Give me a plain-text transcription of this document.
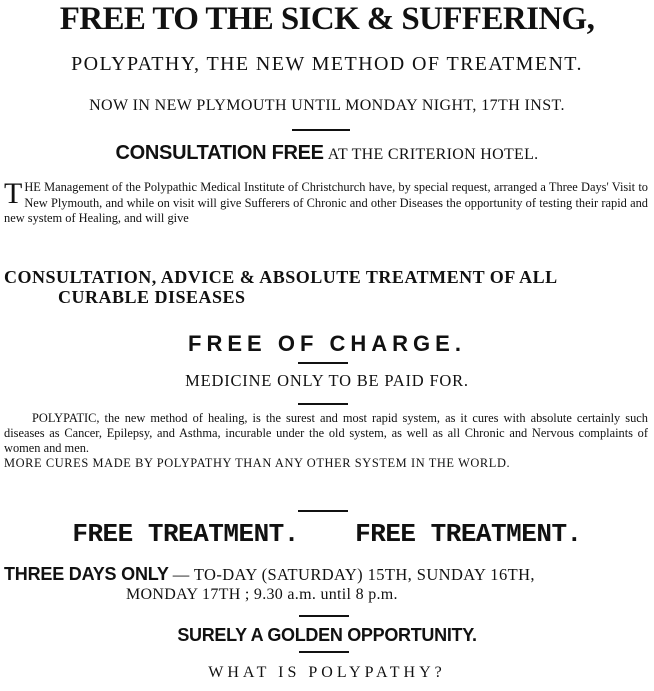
FREE TO THE SICK & SUFFERING,
POLYPATHY, THE NEW METHOD OF TREATMENT.
NOW IN NEW PLYMOUTH UNTIL MONDAY NIGHT, 17TH INST.
CONSULTATION FREE AT THE CRITERION HOTEL.
THE Management of the Polypathic Medical Institute of Christchurch have, by special request, arranged a Three Days' Visit to New Plymouth, and while on visit will give Sufferers of Chronic and other Diseases the opportunity of testing their rapid and new system of Healing, and will give
CONSULTATION, ADVICE & ABSOLUTE TREATMENT OF ALL
CURABLE DISEASES
FREE OF CHARGE.
MEDICINE ONLY TO BE PAID FOR.
POLYPATIC, the new method of healing, is the surest and most rapid system, as it cures with absolute certainly such diseases as Cancer, Epilepsy, and Asthma, incurable under the old system, as well as all Chronic and Nervous complaints of women and men.
MORE CURES MADE BY POLYPATHY THAN ANY OTHER SYSTEM IN THE WORLD.
FREE TREATMENT. FREE TREATMENT.
THREE DAYS ONLY — TO-DAY (SATURDAY) 15TH, SUNDAY 16TH,
MONDAY 17TH ; 9.30 a.m. until 8 p.m.
SURELY A GOLDEN OPPORTUNITY.
WHAT IS POLYPATHY?
